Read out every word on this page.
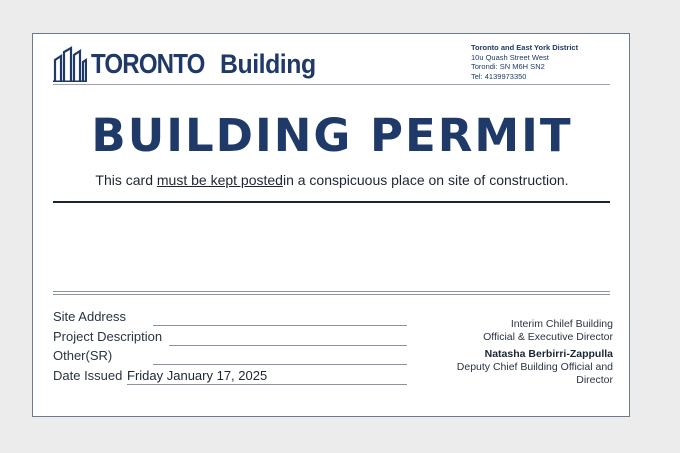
TORONTO Building
Toronto and East York District
10u Quash Street West
Torondi: SN M6H SN2
Tel: 4139973350
BUILDING PERMIT
This card must be kept postedin a conspicuous place on site of construction.
Site Address
Project Description
Other(SR)
Date Issued Friday January 17, 2025
Interim Chilef Building
Official & Executive Director
Natasha Berbirri-Zappulla
Deputy Chief Building Official and
Director
